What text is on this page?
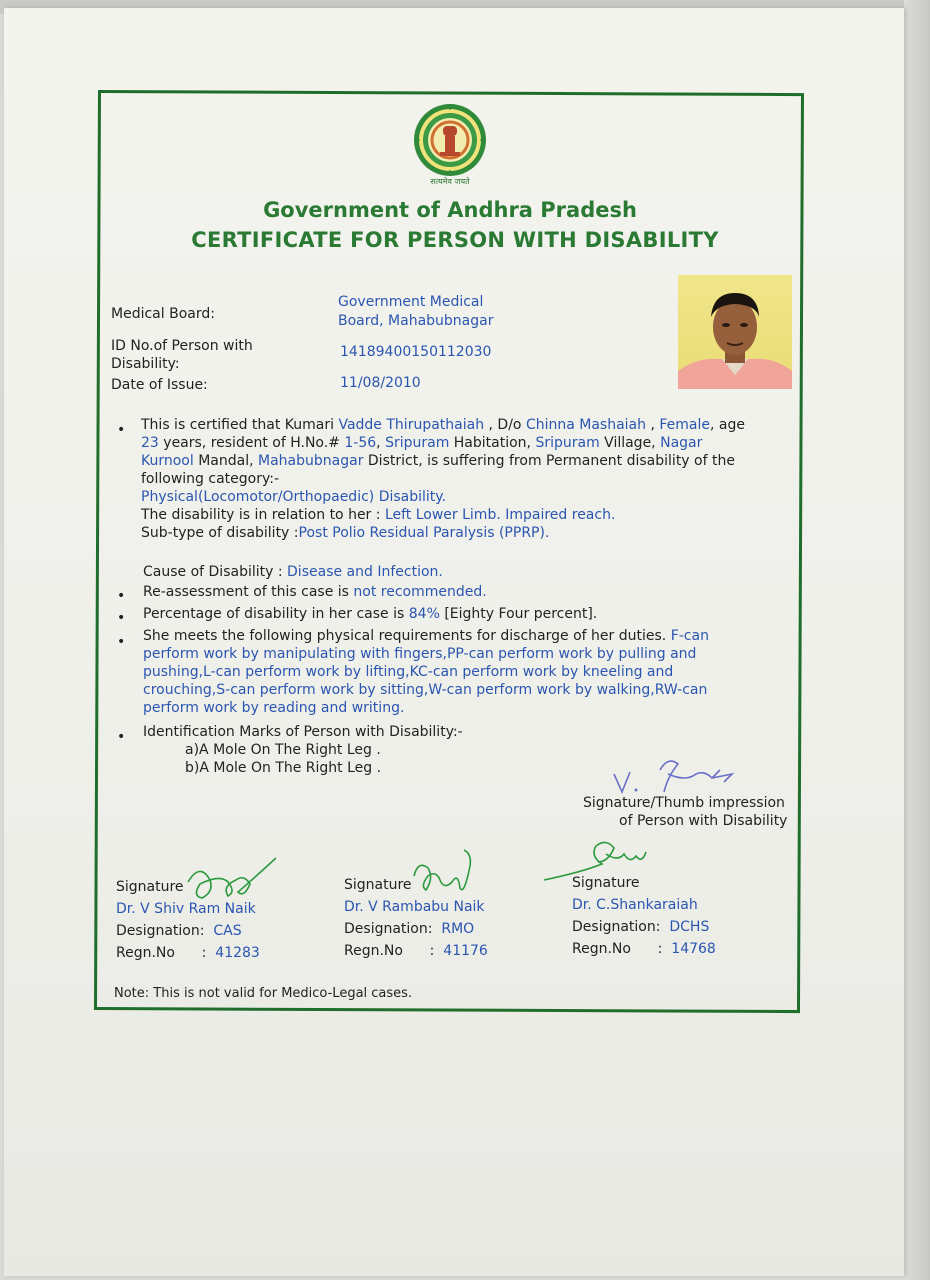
सत्यमेव जयते
Government of Andhra Pradesh
CERTIFICATE FOR PERSON WITH DISABILITY
Medical Board:
Government Medical
Board, Mahabubnagar
ID No.of Person with
Disability:
14189400150112030
Date of Issue:	11/08/2010
• This is certified that Kumari Vadde Thirupathaiah , D/o Chinna Mashaiah , Female, age
23 years, resident of H.No.# 1-56, Sripuram Habitation, Sripuram Village, Nagar
Kurnool Mandal, Mahabubnagar District, is suffering from Permanent disability of the
following category:-
Physical(Locomotor/Orthopaedic) Disability.
The disability is in relation to her : Left Lower Limb. Impaired reach.
Sub-type of disability :Post Polio Residual Paralysis (PPRP).
Cause of Disability : Disease and Infection.
• Re-assessment of this case is not recommended.
• Percentage of disability in her case is 84% [Eighty Four percent].
• She meets the following physical requirements for discharge of her duties. F-can
perform work by manipulating with fingers,PP-can perform work by pulling and
pushing,L-can perform work by lifting,KC-can perform work by kneeling and
crouching,S-can perform work by sitting,W-can perform work by walking,RW-can
perform work by reading and writing.
• Identification Marks of Person with Disability:-
a)A Mole On The Right Leg .
b)A Mole On The Right Leg .
Signature/Thumb impression
of Person with Disability
Signature
Dr. V Shiv Ram Naik
Designation:  CAS
Regn.No      :  41283
Signature
Dr. V Rambabu Naik
Designation:  RMO
Regn.No      :  41176
Signature
Dr. C.Shankaraiah
Designation:  DCHS
Regn.No      :  14768
Note: This is not valid for Medico-Legal cases.
